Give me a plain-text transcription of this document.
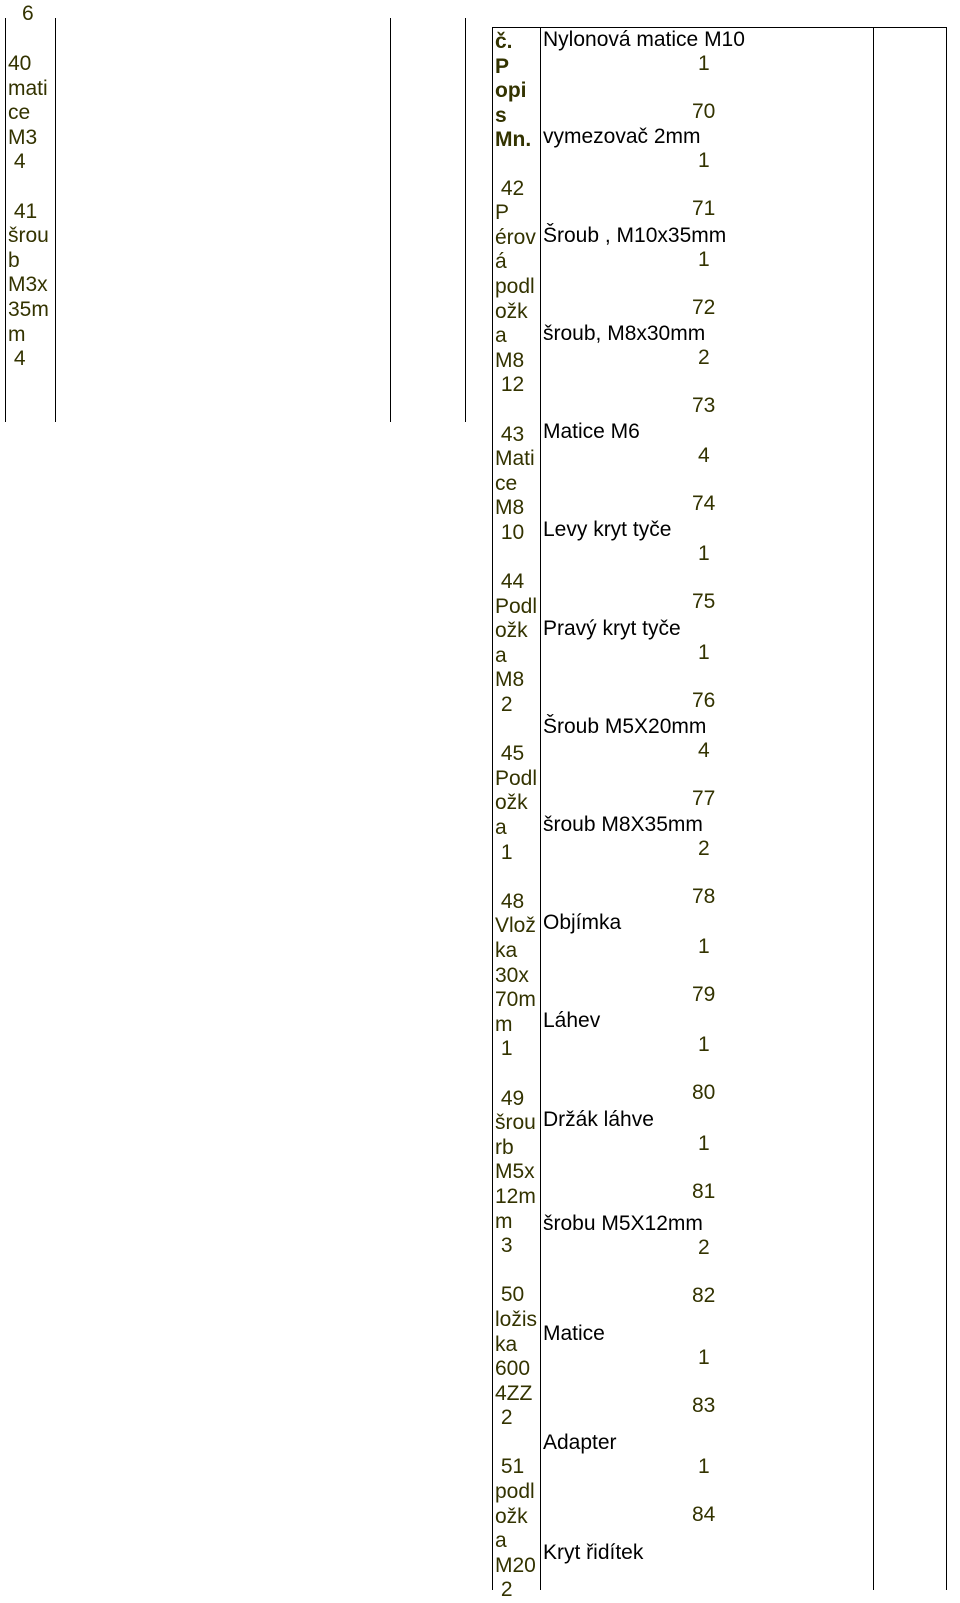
6

40
mati
ce
M3
4

41
šrou
b
M3x
35m
m
4

č.
P
opi
s
Mn.

42
P
érov
á
podl
ožk
a
M8
12

43
Mati
ce
M8
10

44
Podl
ožk
a
M8
2

45
Podl
ožk
a
1

48
Vlož
ka
30x
70m
m
1

49
šrou
rb
M5x
12m
m
3

50
ložis
ka
600
4ZZ
2

51
podl
ožk
a
M20
2

Nylonová matice M10

1

70

vymezovač 2mm

1

71

Šroub , M10x35mm

1

72

šroub, M8x30mm

2

73

Matice M6

4

74

Levy kryt tyče

1

75

Pravý kryt tyče

1

76

Šroub M5X20mm

4

77

šroub M8X35mm

2

78

Objímka

1

79

Láhev

1

80

Držák láhve

1

81

šrobu M5X12mm

2

82

Matice

1

83

Adapter

1

84

Kryt řidítek
